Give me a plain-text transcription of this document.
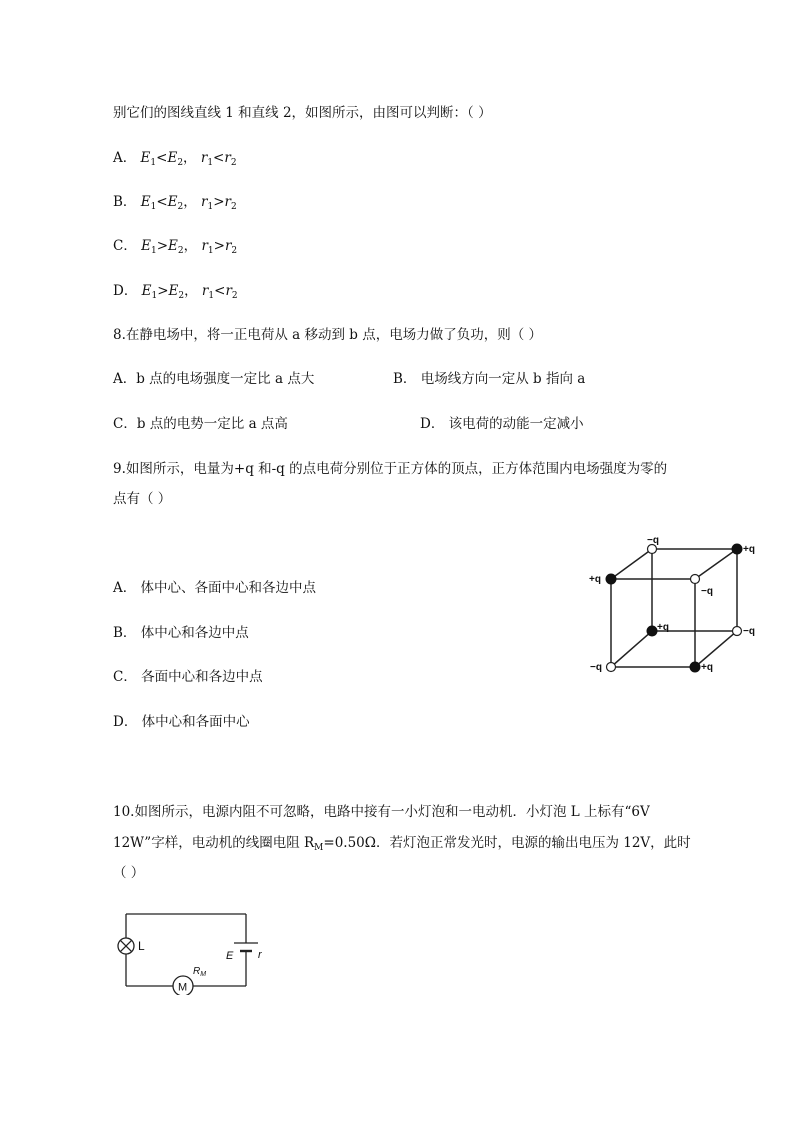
别它们的图线直线 1 和直线 2，如图所示，由图可以判断：（ ）
A． $E_1<E_2$， $r_1<r_2$
B． $E_1<E_2$， $r_1>r_2$
C． $E_1>E_2$， $r_1>r_2$
D． $E_1>E_2$， $r_1<r_2$
8.在静电场中，将一正电荷从 a 移动到 b 点，电场力做了负功，则（ ）
A．b 点的电场强度一定比 a 点大	B． 电场线方向一定从 b 指向 a
C．b 点的电势一定比 a 点高	D． 该电荷的动能一定减小
9.如图所示，电量为+q 和-q 的点电荷分别位于正方体的顶点，正方体范围内电场强度为零的
点有（ ）
A． 体中心、各面中心和各边中点
B． 体中心和各边中点
C． 各面中心和各边中点
D． 体中心和各面中心
−q
+q
+q
−q
+q	−q
−q	+q
10.如图所示，电源内阻不可忽略，电路中接有一小灯泡和一电动机．小灯泡 L 上标有“6V
12W”字样，电动机的线圈电阻 $R_M=0.50\Omega$．若灯泡正常发光时，电源的输出电压为 12V，此时
（ ）
M
L
E r
$R_M$
